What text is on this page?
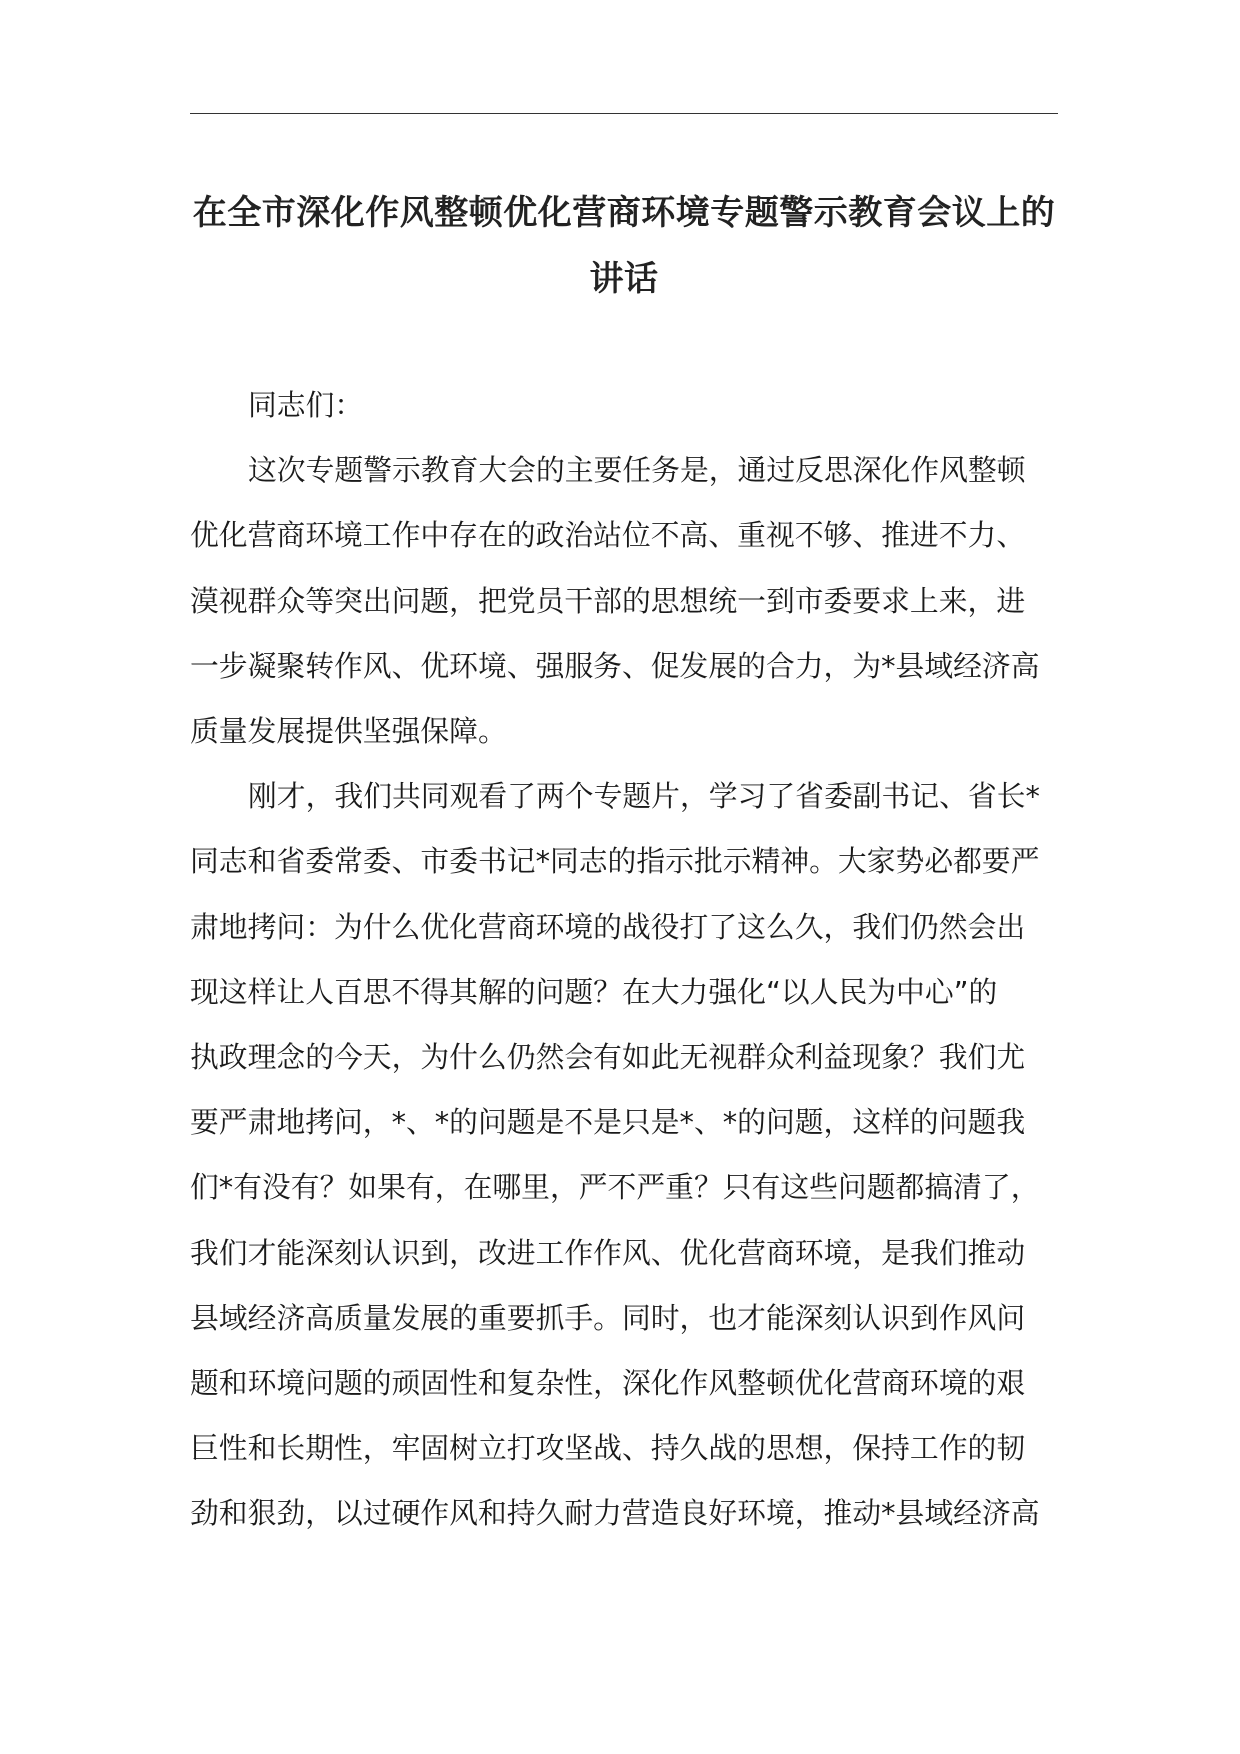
在全市深化作风整顿优化营商环境专题警示教育会议上的
讲话
同志们：
这次专题警示教育大会的主要任务是，通过反思深化作风整顿
优化营商环境工作中存在的政治站位不高、重视不够、推进不力、
漠视群众等突出问题，把党员干部的思想统一到市委要求上来，进
一步凝聚转作风、优环境、强服务、促发展的合力，为*县域经济高
质量发展提供坚强保障。
刚才，我们共同观看了两个专题片，学习了省委副书记、省长*
同志和省委常委、市委书记*同志的指示批示精神。大家势必都要严
肃地拷问：为什么优化营商环境的战役打了这么久，我们仍然会出
现这样让人百思不得其解的问题？在大力强化“以人民为中心”的
执政理念的今天，为什么仍然会有如此无视群众利益现象？我们尤
要严肃地拷问，*、*的问题是不是只是*、*的问题，这样的问题我
们*有没有？如果有，在哪里，严不严重？只有这些问题都搞清了，
我们才能深刻认识到，改进工作作风、优化营商环境，是我们推动
县域经济高质量发展的重要抓手。同时，也才能深刻认识到作风问
题和环境问题的顽固性和复杂性，深化作风整顿优化营商环境的艰
巨性和长期性，牢固树立打攻坚战、持久战的思想，保持工作的韧
劲和狠劲，以过硬作风和持久耐力营造良好环境，推动*县域经济高
